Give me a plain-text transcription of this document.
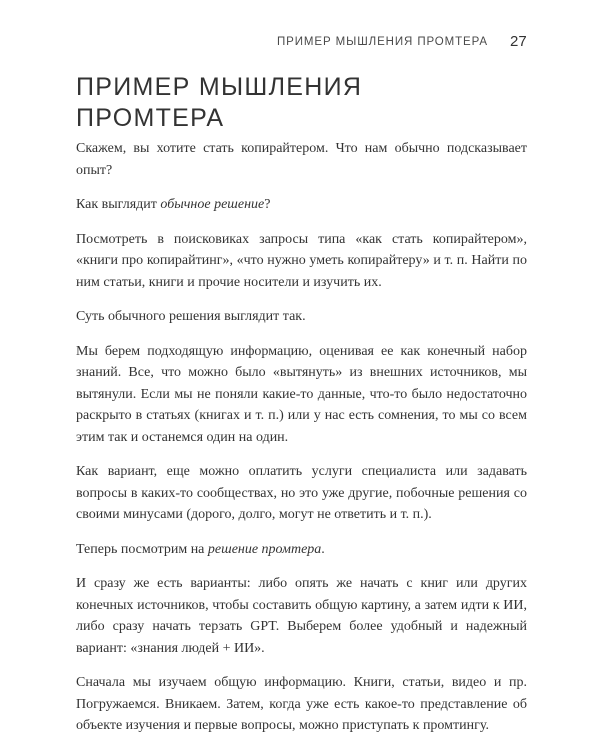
ПРИМЕР МЫШЛЕНИЯ ПРОМТЕРА 27
ПРИМЕР МЫШЛЕНИЯ
ПРОМТЕРА

Скажем, вы хотите стать копирайтером. Что нам обычно подсказывает опыт?

Как выглядит обычное решение?

Посмотреть в поисковиках запросы типа «как стать копирайтером», «книги про копирайтинг», «что нужно уметь копирайтеру» и т. п. Найти по ним статьи, книги и прочие носители и изучить их.

Суть обычного решения выглядит так.

Мы берем подходящую информацию, оценивая ее как конечный набор знаний. Все, что можно было «вытянуть» из внешних источников, мы вытянули. Если мы не поняли какие-то данные, что-то было недостаточно раскрыто в статьях (книгах и т. п.) или у нас есть сомнения, то мы со всем этим так и останемся один на один.

Как вариант, еще можно оплатить услуги специалиста или задавать вопросы в каких-то сообществах, но это уже другие, побочные решения со своими минусами (дорого, долго, могут не ответить и т. п.).

Теперь посмотрим на решение промтера.

И сразу же есть варианты: либо опять же начать с книг или других конечных источников, чтобы составить общую картину, а затем идти к ИИ, либо сразу начать терзать GPT. Выберем более удобный и надежный вариант: «знания людей + ИИ».

Сначала мы изучаем общую информацию. Книги, статьи, видео и пр. Погружаемся. Вникаем. Затем, когда уже есть какое-то представление об объекте изучения и первые вопросы, можно приступать к промтингу.
